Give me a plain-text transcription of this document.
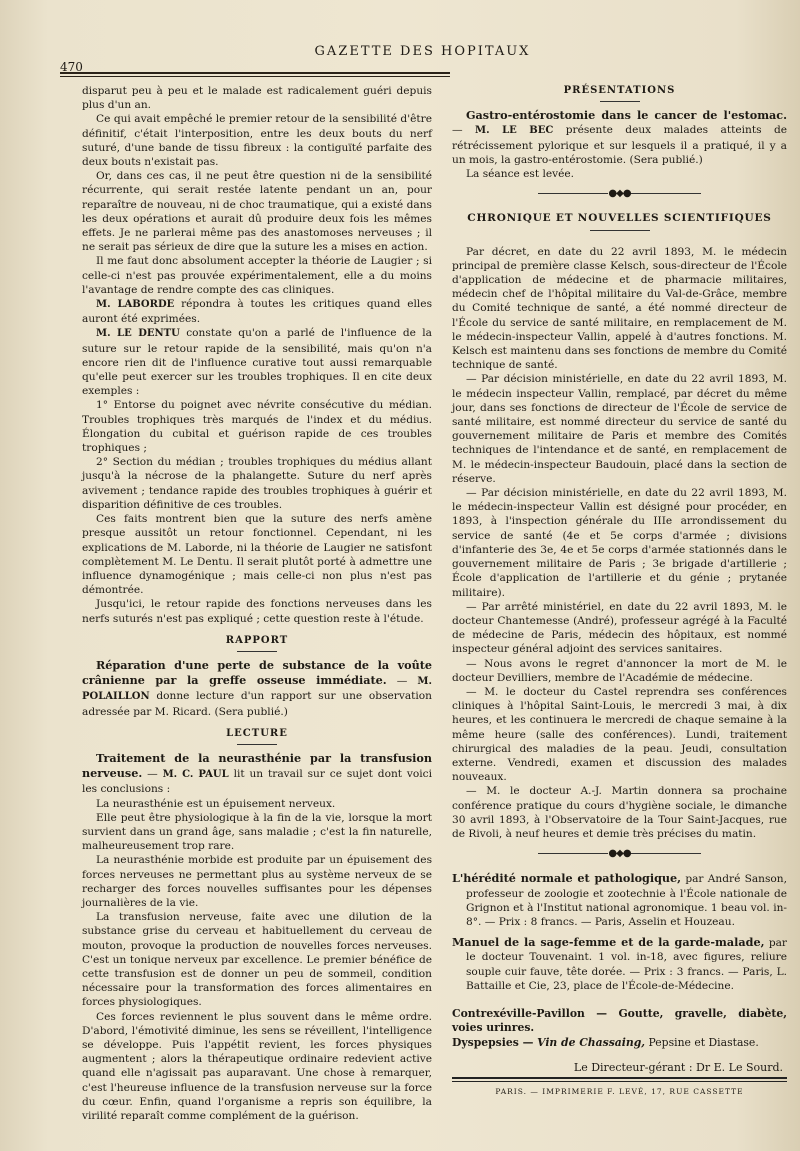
470
GAZETTE DES HOPITAUX

disparut peu à peu et le malade est radicalement guéri depuis plus d'un an.

Ce qui avait empêché le premier retour de la sensibilité d'être définitif, c'était l'interposition, entre les deux bouts du nerf suturé, d'une bande de tissu fibreux : la contiguïté parfaite des deux bouts n'existait pas.

Or, dans ces cas, il ne peut être question ni de la sensibilité récurrente, qui serait restée latente pendant un an, pour reparaître de nouveau, ni de choc traumatique, qui a existé dans les deux opérations et aurait dû produire deux fois les mêmes effets. Je ne parlerai même pas des anastomoses nerveuses ; il ne serait pas sérieux de dire que la suture les a mises en action.

Il me faut donc absolument accepter la théorie de Laugier ; si celle-ci n'est pas prouvée expérimentalement, elle a du moins l'avantage de rendre compte des cas cliniques.

M. LABORDE répondra à toutes les critiques quand elles auront été exprimées.

M. LE DENTU constate qu'on a parlé de l'influence de la suture sur le retour rapide de la sensibilité, mais qu'on n'a encore rien dit de l'influence curative tout aussi remarquable qu'elle peut exercer sur les troubles trophiques. Il en cite deux exemples :

1° Entorse du poignet avec névrite consécutive du médian. Troubles trophiques très marqués de l'index et du médius. Élongation du cubital et guérison rapide de ces troubles trophiques ;

2° Section du médian ; troubles trophiques du médius allant jusqu'à la nécrose de la phalangette. Suture du nerf après avivement ; tendance rapide des troubles trophiques à guérir et disparition définitive de ces troubles.

Ces faits montrent bien que la suture des nerfs amène presque aussitôt un retour fonctionnel. Cependant, ni les explications de M. Laborde, ni la théorie de Laugier ne satisfont complètement M. Le Dentu. Il serait plutôt porté à admettre une influence dynamogénique ; mais celle-ci non plus n'est pas démontrée.

Jusqu'ici, le retour rapide des fonctions nerveuses dans les nerfs suturés n'est pas expliqué ; cette question reste à l'étude.

RAPPORT

Réparation d'une perte de substance de la voûte crânienne par la greffe osseuse immédiate. — M. POLAILLON donne lecture d'un rapport sur une observation adressée par M. Ricard. (Sera publié.)

LECTURE

Traitement de la neurasthénie par la transfusion nerveuse. — M. C. PAUL lit un travail sur ce sujet dont voici les conclusions :

La neurasthénie est un épuisement nerveux.

Elle peut être physiologique à la fin de la vie, lorsque la mort survient dans un grand âge, sans maladie ; c'est la fin naturelle, malheureusement trop rare.

La neurasthénie morbide est produite par un épuisement des forces nerveuses ne permettant plus au système nerveux de se recharger des forces nouvelles suffisantes pour les dépenses journalières de la vie.

La transfusion nerveuse, faite avec une dilution de la substance grise du cerveau et habituellement du cerveau de mouton, provoque la production de nouvelles forces nerveuses. C'est un tonique nerveux par excellence. Le premier bénéfice de cette transfusion est de donner un peu de sommeil, condition nécessaire pour la transformation des forces alimentaires en forces physiologiques.

Ces forces reviennent le plus souvent dans le même ordre. D'abord, l'émotivité diminue, les sens se réveillent, l'intelligence se développe. Puis l'appétit revient, les forces physiques augmentent ; alors la thérapeutique ordinaire redevient active quand elle n'agissait pas auparavant. Une chose à remarquer, c'est l'heureuse influence de la transfusion nerveuse sur la force du cœur. Enfin, quand l'organisme a repris son équilibre, la virilité reparaît comme complément de la guérison.

PRÉSENTATIONS

Gastro-entérostomie dans le cancer de l'estomac. — M. LE BEC présente deux malades atteints de rétrécissement pylorique et sur lesquels il a pratiqué, il y a un mois, la gastro-entérostomie. (Sera publié.)

La séance est levée.

●◆●
CHRONIQUE ET NOUVELLES SCIENTIFIQUES

Par décret, en date du 22 avril 1893, M. le médecin principal de première classe Kelsch, sous-directeur de l'École d'application de médecine et de pharmacie militaires, médecin chef de l'hôpital militaire du Val-de-Grâce, membre du Comité technique de santé, a été nommé directeur de l'École du service de santé militaire, en remplacement de M. le médecin-inspecteur Vallin, appelé à d'autres fonctions. M. Kelsch est maintenu dans ses fonctions de membre du Comité technique de santé.

— Par décision ministérielle, en date du 22 avril 1893, M. le médecin inspecteur Vallin, remplacé, par décret du même jour, dans ses fonctions de directeur de l'École de service de santé militaire, est nommé directeur du service de santé du gouvernement militaire de Paris et membre des Comités techniques de l'intendance et de santé, en remplacement de M. le médecin-inspecteur Baudouin, placé dans la section de réserve.

— Par décision ministérielle, en date du 22 avril 1893, M. le médecin-inspecteur Vallin est désigné pour procéder, en 1893, à l'inspection générale du IIIe arrondissement du service de santé (4e et 5e corps d'armée ; divisions d'infanterie des 3e, 4e et 5e corps d'armée stationnés dans le gouvernement militaire de Paris ; 3e brigade d'artillerie ; École d'application de l'artillerie et du génie ; prytanée militaire).

— Par arrêté ministériel, en date du 22 avril 1893, M. le docteur Chantemesse (André), professeur agrégé à la Faculté de médecine de Paris, médecin des hôpitaux, est nommé inspecteur général adjoint des services sanitaires.

— Nous avons le regret d'annoncer la mort de M. le docteur Devilliers, membre de l'Académie de médecine.

— M. le docteur du Castel reprendra ses conférences cliniques à l'hôpital Saint-Louis, le mercredi 3 mai, à dix heures, et les continuera le mercredi de chaque semaine à la même heure (salle des conférences). Lundi, traitement chirurgical des maladies de la peau. Jeudi, consultation externe. Vendredi, examen et discussion des malades nouveaux.

— M. le docteur A.-J. Martin donnera sa prochaine conférence pratique du cours d'hygiène sociale, le dimanche 30 avril 1893, à l'Observatoire de la Tour Saint-Jacques, rue de Rivoli, à neuf heures et demie très précises du matin.

●◆●

L'hérédité normale et pathologique, par André Sanson, professeur de zoologie et zootechnie à l'École nationale de Grignon et à l'Institut national agronomique. 1 beau vol. in-8°. — Prix : 8 francs. — Paris, Asselin et Houzeau.

Manuel de la sage-femme et de la garde-malade, par le docteur Touvenaint. 1 vol. in-18, avec figures, reliure souple cuir fauve, tête dorée. — Prix : 3 francs. — Paris, L. Battaille et Cie, 23, place de l'École-de-Médecine.

Contrexéville-Pavillon — Goutte, gravelle, diabète, voies urinres.
Dyspepsies — Vin de Chassaing, Pepsine et Diastase.
Le Directeur-gérant : Dr E. Le Sourd.
PARIS. — IMPRIMERIE F. LEVÉ, 17, RUE CASSETTE
